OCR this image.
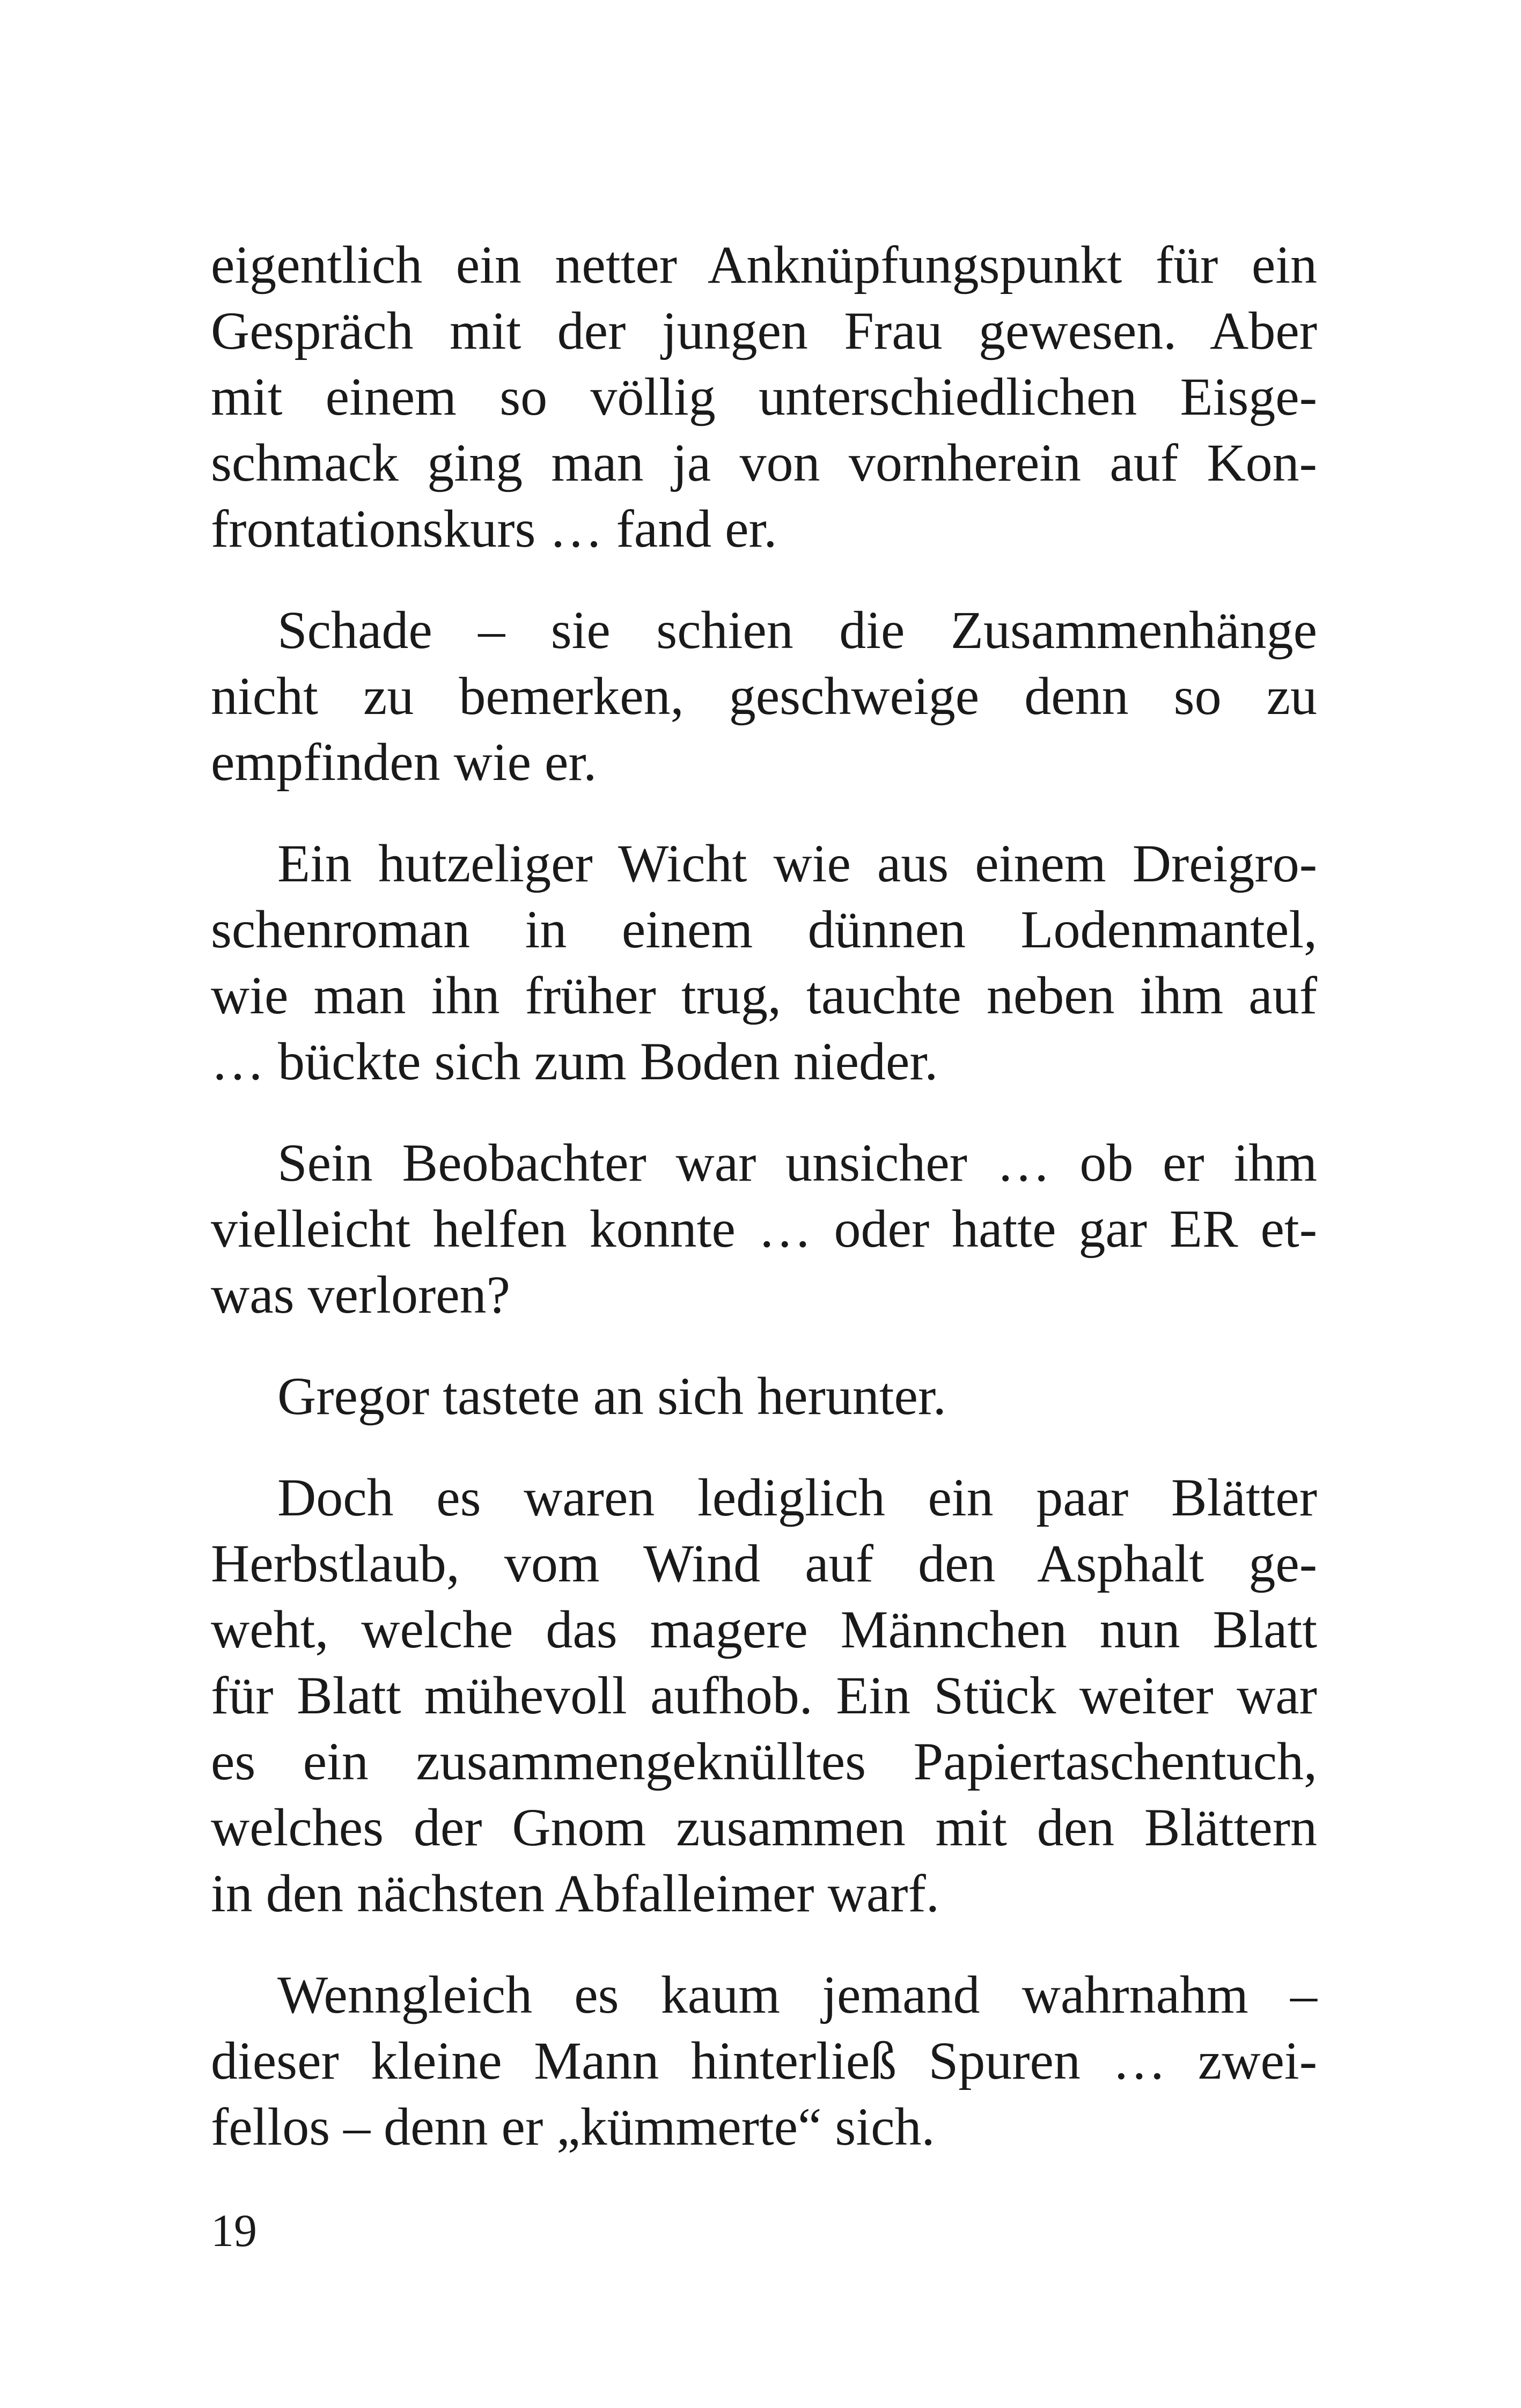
eigentlich ein netter Anknüpfungspunkt für ein
Gespräch mit der jungen Frau gewesen. Aber
mit einem so völlig unterschiedlichen Eisge-
schmack ging man ja von vornherein auf Kon-
frontationskurs … fand er.

Schade – sie schien die Zusammenhänge
nicht zu bemerken, geschweige denn so zu
empfinden wie er.

Ein hutzeliger Wicht wie aus einem Dreigro-
schenroman in einem dünnen Lodenmantel,
wie man ihn früher trug, tauchte neben ihm auf
… bückte sich zum Boden nieder.

Sein Beobachter war unsicher … ob er ihm
vielleicht helfen konnte … oder hatte gar ER et-
was verloren?

Gregor tastete an sich herunter.

Doch es waren lediglich ein paar Blätter
Herbstlaub, vom Wind auf den Asphalt ge-
weht, welche das magere Männchen nun Blatt
für Blatt mühevoll aufhob. Ein Stück weiter war
es ein zusammengeknülltes Papiertaschentuch,
welches der Gnom zusammen mit den Blättern
in den nächsten Abfalleimer warf.

Wenngleich es kaum jemand wahrnahm –
dieser kleine Mann hinterließ Spuren … zwei-
fellos – denn er „kümmerte“ sich.

19
